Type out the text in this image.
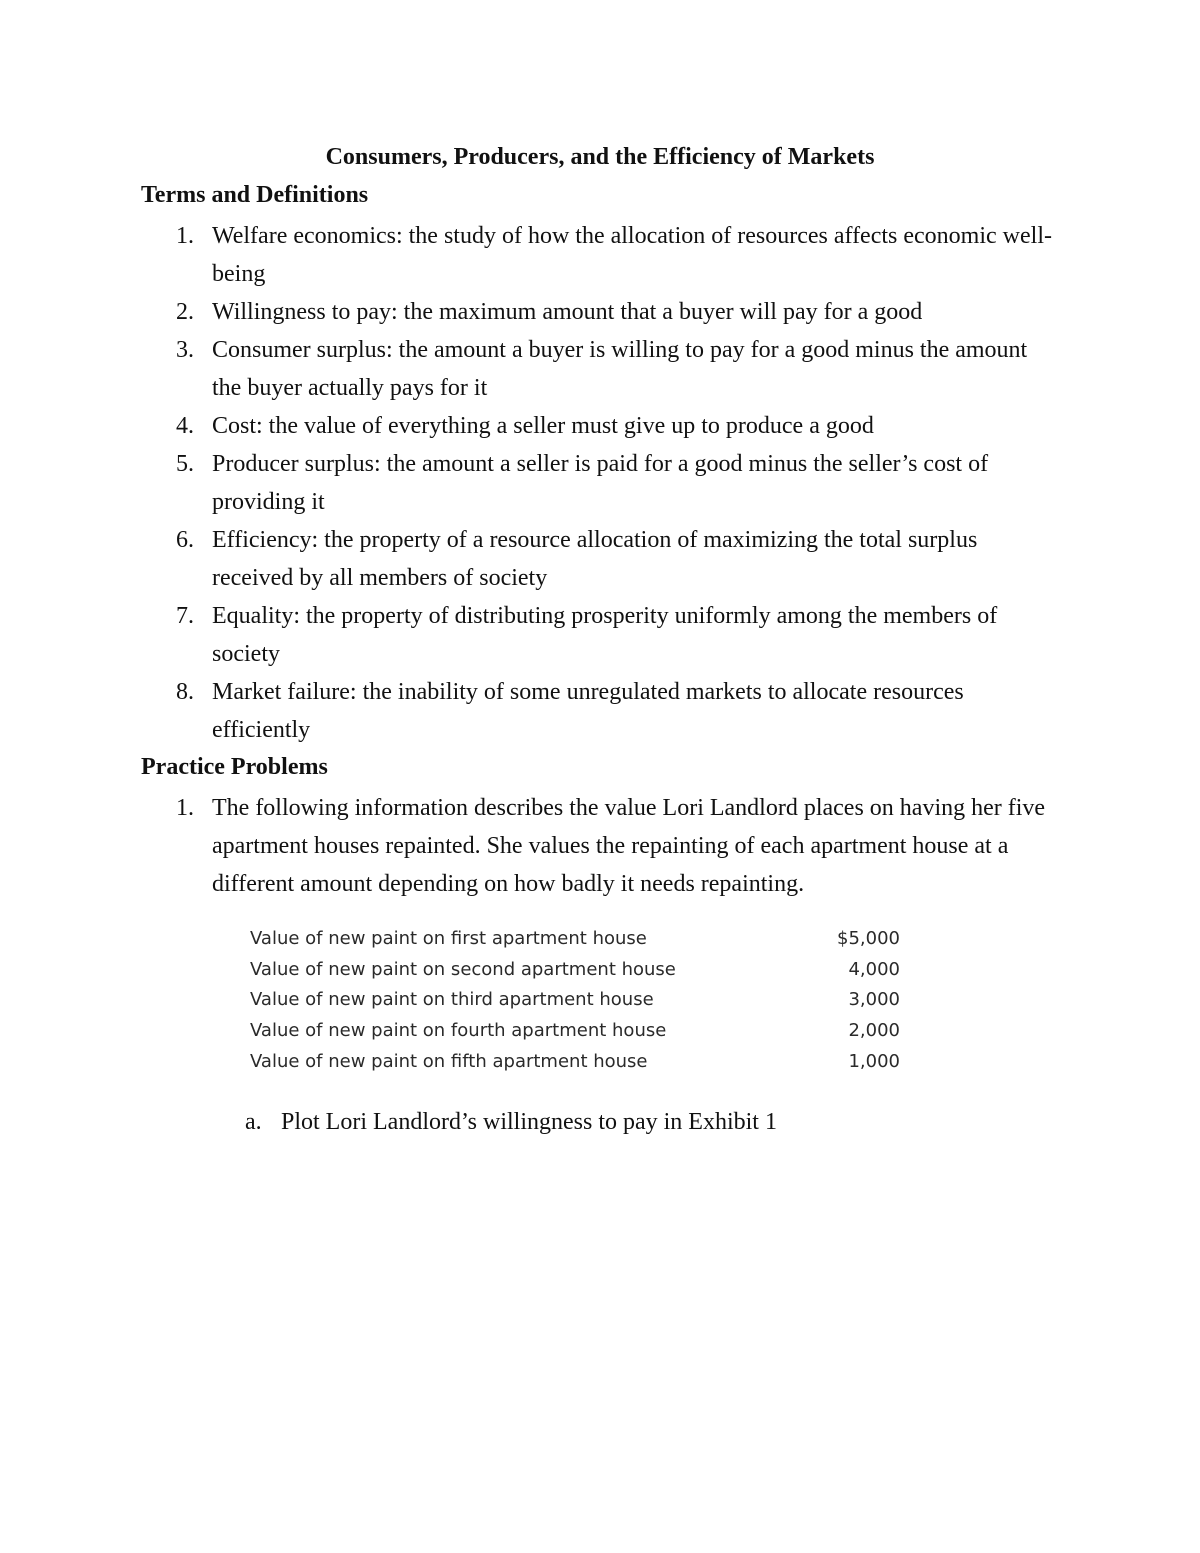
Consumers, Producers, and the Efficiency of Markets
Terms and Definitions
1. Welfare economics: the study of how the allocation of resources affects economic well-being
2. Willingness to pay: the maximum amount that a buyer will pay for a good
3. Consumer surplus: the amount a buyer is willing to pay for a good minus the amount the buyer actually pays for it
4. Cost: the value of everything a seller must give up to produce a good
5. Producer surplus: the amount a seller is paid for a good minus the seller’s cost of providing it
6. Efficiency: the property of a resource allocation of maximizing the total surplus received by all members of society
7. Equality: the property of distributing prosperity uniformly among the members of society
8. Market failure: the inability of some unregulated markets to allocate resources efficiently
Practice Problems
1. The following information describes the value Lori Landlord places on having her five apartment houses repainted. She values the repainting of each apartment house at a different amount depending on how badly it needs repainting.
Value of new paint on first apartment house	$5,000
Value of new paint on second apartment house	4,000
Value of new paint on third apartment house	3,000
Value of new paint on fourth apartment house	2,000
Value of new paint on fifth apartment house	1,000
a. Plot Lori Landlord’s willingness to pay in Exhibit 1
